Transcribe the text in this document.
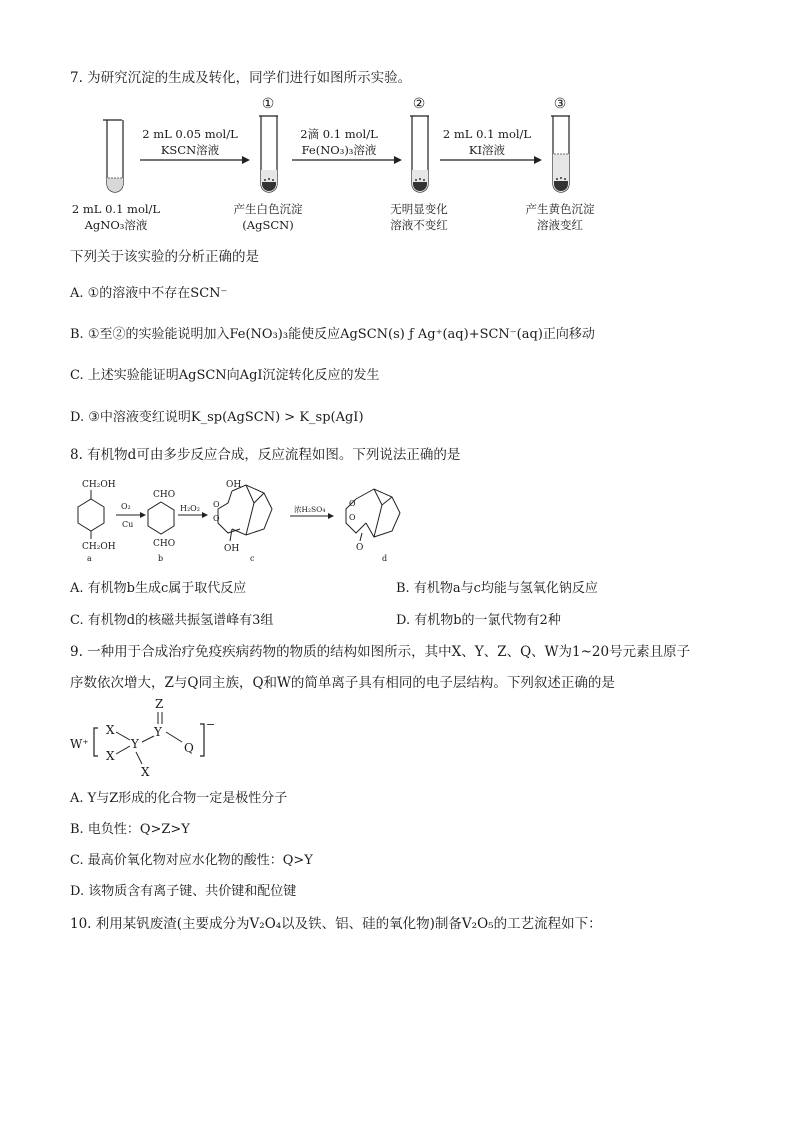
7. 为研究沉淀的生成及转化，同学们进行如图所示实验。
①	②	③
2 mL 0.05 mol/L
KSCN溶液
2滴 0.1 mol/L
Fe(NO₃)₃溶液
2 mL 0.1 mol/L
KI溶液
2 mL 0.1 mol/L
AgNO₃溶液
产生白色沉淀
(AgSCN)
无明显变化
溶液不变红
产生黄色沉淀
溶液变红
下列关于该实验的分析正确的是
A. ①的溶液中不存在SCN⁻
B. ①至②的实验能说明加入Fe(NO₃)₃能使反应AgSCN(s) ƒ Ag⁺(aq)+SCN⁻(aq)正向移动
C. 上述实验能证明AgSCN向AgI沉淀转化反应的发生
D. ③中溶液变红说明K_sp(AgSCN) > K_sp(AgI)
8. 有机物d可由多步反应合成，反应流程如图。下列说法正确的是
CH₂OH
CH₂OH
a
O₂
Cu
CHO
CHO
b
H₂O₂
OH
O
O
OH
c
浓H₂SO₄
O
O
O
d
A. 有机物b生成c属于取代反应	B. 有机物a与c均能与氢氧化钠反应
C. 有机物d的核磁共振氢谱峰有3组	D. 有机物b的一氯代物有2种
9. 一种用于合成治疗免疫疾病药物的物质的结构如图所示，其中X、Y、Z、Q、W为1~20号元素且原子
序数依次增大，Z与Q同主族，Q和W的简单离子具有相同的电子层结构。下列叙述正确的是
W⁺
X
X
Y
Y
Z
Q
X
−
A. Y与Z形成的化合物一定是极性分子
B. 电负性：Q>Z>Y
C. 最高价氧化物对应水化物的酸性：Q>Y
D. 该物质含有离子键、共价键和配位键
10. 利用某钒废渣(主要成分为V₂O₄以及铁、铝、硅的氧化物)制备V₂O₅的工艺流程如下：
